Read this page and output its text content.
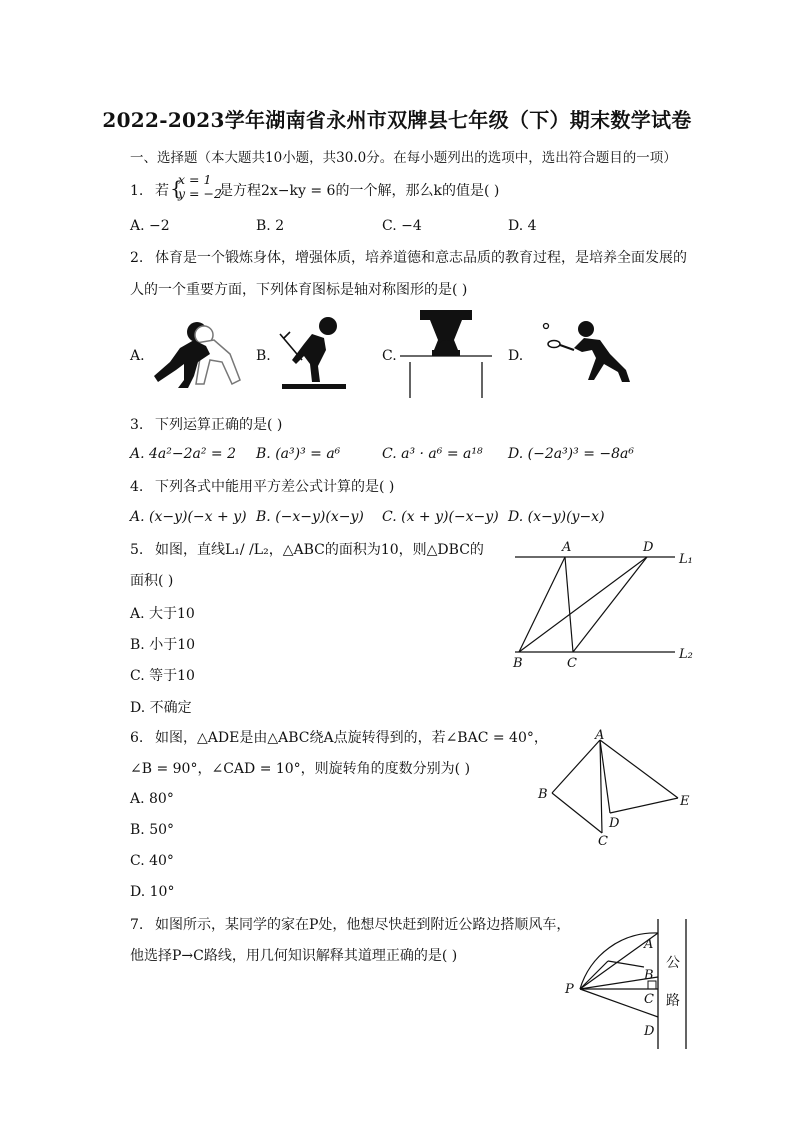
2022-2023学年湖南省永州市双牌县七年级（下）期末数学试卷
一、选择题（本大题共10小题，共30.0分。在每小题列出的选项中，选出符合题目的一项）
1. 若 {
x = 1
y = −2
是方程2x−ky = 6的一个解，那么k的值是( )
A. −2	B. 2	C. −4	D. 4
2. 体育是一个锻炼身体，增强体质，培养道德和意志品质的教育过程，是培养全面发展的
人的一个重要方面，下列体育图标是轴对称图形的是( )
A.	B.	C.	D.
3. 下列运算正确的是( )
A. 4a²−2a² = 2 B. (a³)³ = a⁶	C. a³ · a⁶ = a¹⁸ D. (−2a³)³ = −8a⁶
4. 下列各式中能用平方差公式计算的是( )
A. (x−y)(−x + y) B. (−x−y)(x−y) C. (x + y)(−x−y) D. (x−y)(y−x)
5. 如图，直线L₁/ /L₂，△ABC的面积为10，则△DBC的
面积( )
A. 大于10
B. 小于10
C. 等于10
D. 不确定
A	D
L₁
B	C
L₂
6. 如图，△ADE是由△ABC绕A点旋转得到的，若∠BAC = 40°，
∠B = 90°，∠CAD = 10°，则旋转角的度数分别为( )
A. 80°
B. 50°
C. 40°
D. 10°
A
B
C
D
E
7. 如图所示，某同学的家在P处，他想尽快赶到附近公路边搭顺风车，
他选择P→C路线，用几何知识解释其道理正确的是( )
A
B
C
D
P
公
路
